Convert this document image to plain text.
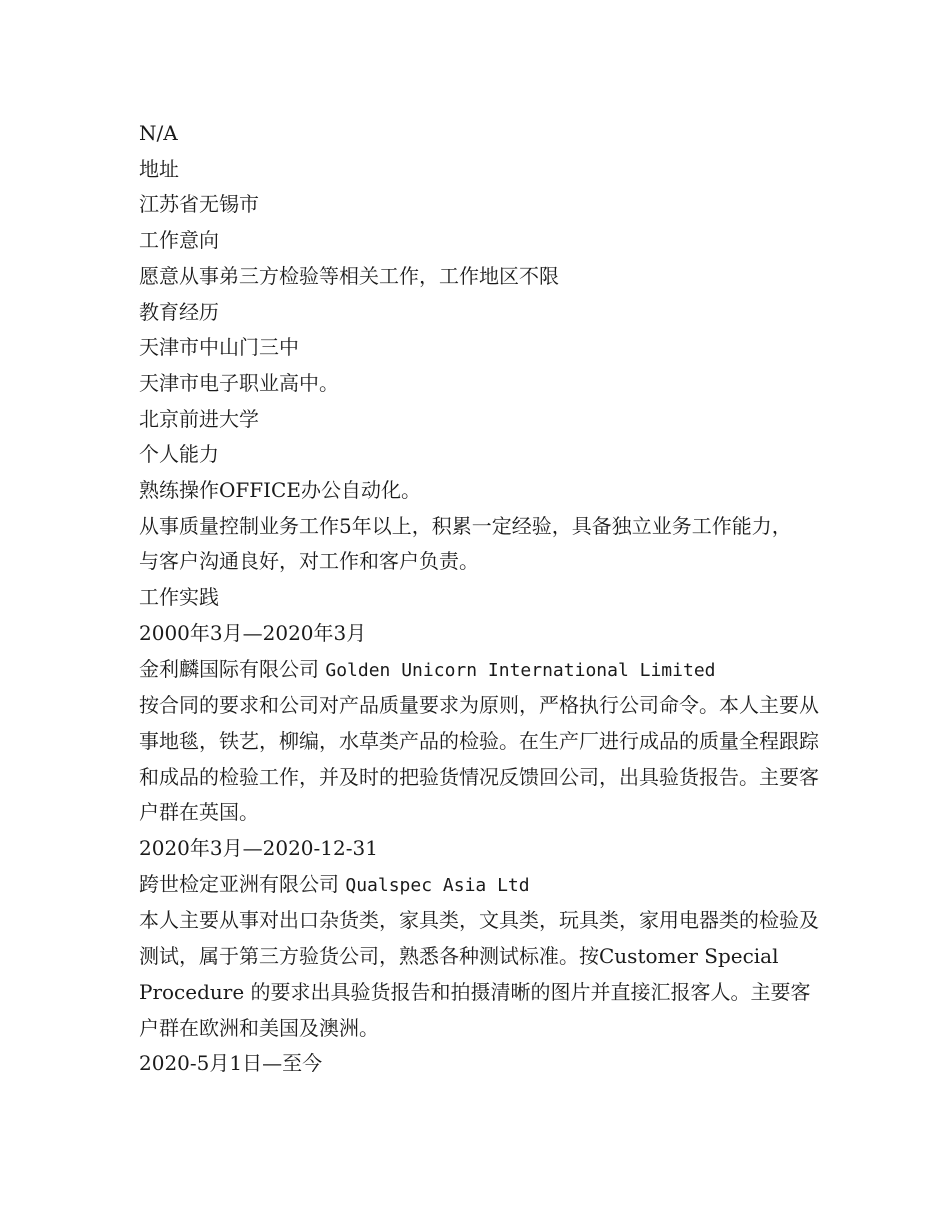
N/A

地址

江苏省无锡市

工作意向

愿意从事弟三方检验等相关工作，工作地区不限

教育经历

天津市中山门三中

天津市电子职业高中。

北京前进大学

个人能力

熟练操作OFFICE办公自动化。

从事质量控制业务工作5年以上，积累一定经验，具备独立业务工作能力，

与客户沟通良好，对工作和客户负责。

工作实践

2000年3月—2020年3月

金利麟国际有限公司 Golden Unicorn International Limited

按合同的要求和公司对产品质量要求为原则，严格执行公司命令。本人主要从事地毯，铁艺，柳编，水草类产品的检验。在生产厂进行成品的质量全程跟踪和成品的检验工作，并及时的把验货情况反馈回公司，出具验货报告。主要客户群在英国。

2020年3月—2020-12-31

跨世检定亚洲有限公司 Qualspec Asia Ltd

本人主要从事对出口杂货类，家具类，文具类，玩具类，家用电器类的检验及测试，属于第三方验货公司，熟悉各种测试标准。按Customer Special Procedure 的要求出具验货报告和拍摄清晰的图片并直接汇报客人。主要客户群在欧洲和美国及澳洲。

2020-5月1日—至今
